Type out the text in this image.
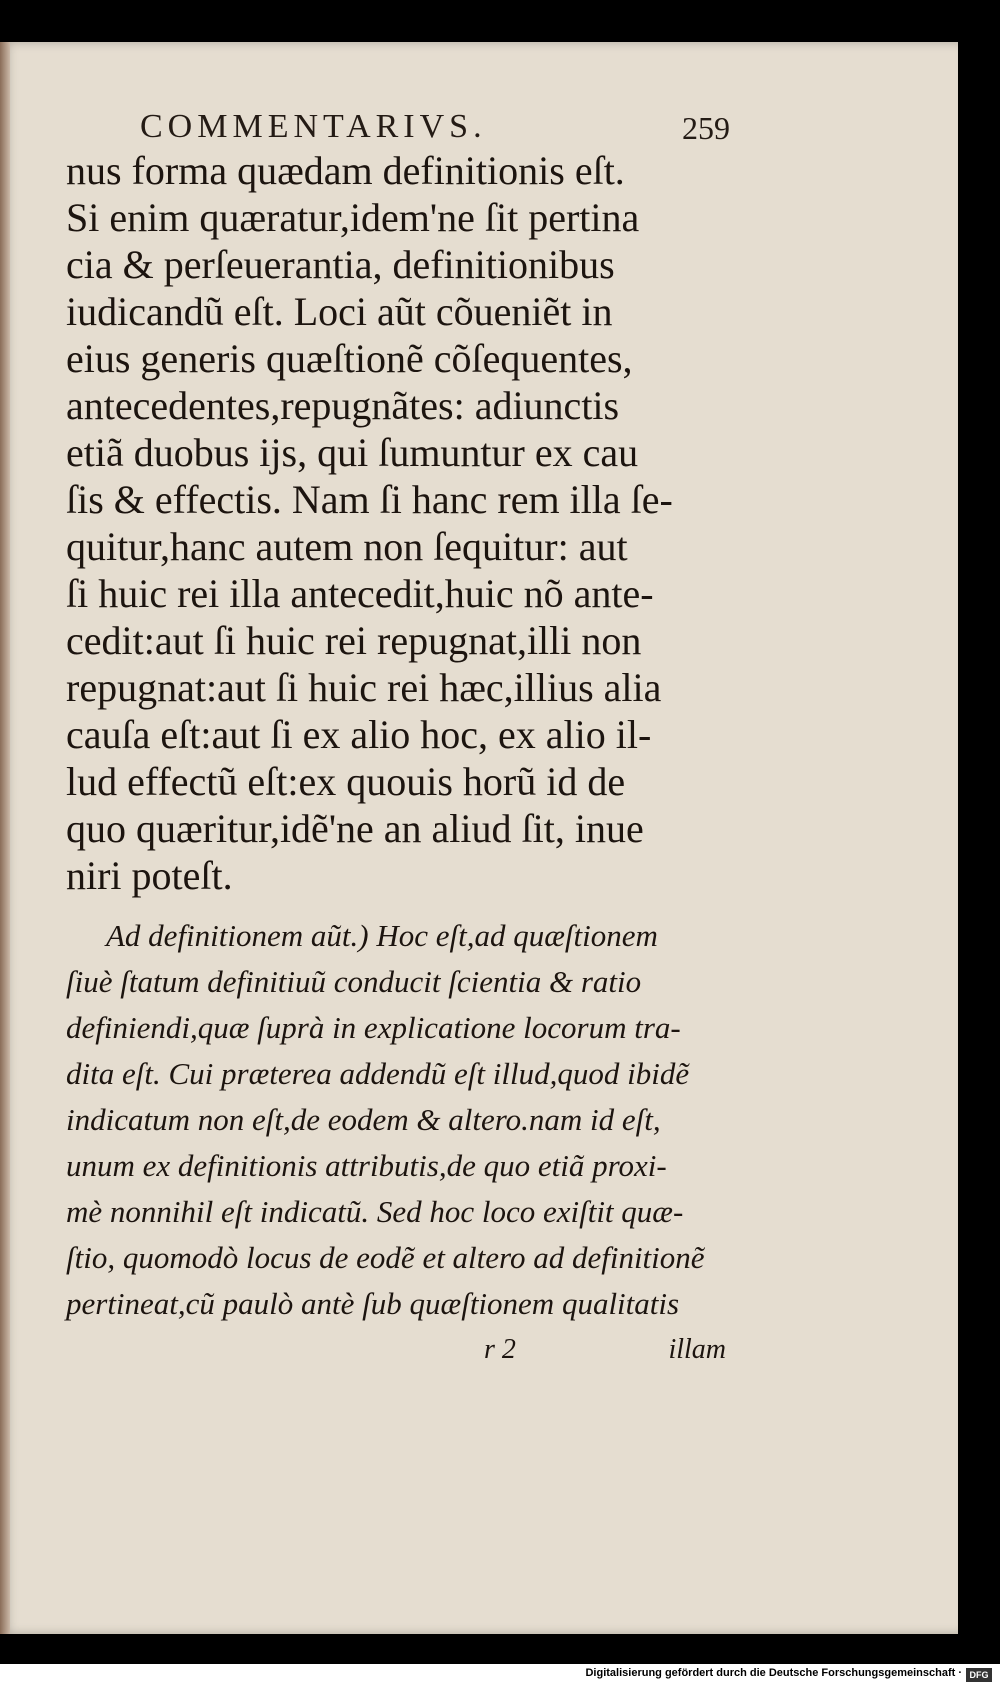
COMMENTARIVS.	259
nus forma quædam definitionis eſt.
Si enim quæratur,idem'ne ſit pertina
cia & perſeuerantia, definitionibus
iudicandũ eſt. Loci aũt cõueniẽt in
eius generis quæſtionẽ cõſequentes,
antecedentes,repugnãtes: adiunctis
etiã duobus ijs, qui ſumuntur ex cau
ſis & effectis. Nam ſi hanc rem illa ſe-
quitur,hanc autem non ſequitur: aut
ſi huic rei illa antecedit,huic nõ ante-
cedit:aut ſi huic rei repugnat,illi non
repugnat:aut ſi huic rei hæc,illius alia
cauſa eſt:aut ſi ex alio hoc, ex alio il-
lud effectũ eſt:ex quouis horũ id de
quo quæritur,idẽ'ne an aliud ſit, inue
niri poteſt.
Ad definitionem aũt.) Hoc eſt,ad quæſtionem
ſiuè ſtatum definitiuũ conducit ſcientia & ratio
definiendi,quæ ſuprà in explicatione locorum tra-
dita eſt. Cui præterea addendũ eſt illud,quod ibidẽ
indicatum non eſt,de eodem & altero.nam id eſt,
unum ex definitionis attributis,de quo etiã proxi-
mè nonnihil eſt indicatũ. Sed hoc loco exiſtit quæ-
ſtio, quomodò locus de eodẽ et altero ad definitionẽ
pertineat,cũ paulò antè ſub quæſtionem qualitatis
r 2	illam
Digitalisierung gefördert durch die Deutsche Forschungsgemeinschaft · DFG
